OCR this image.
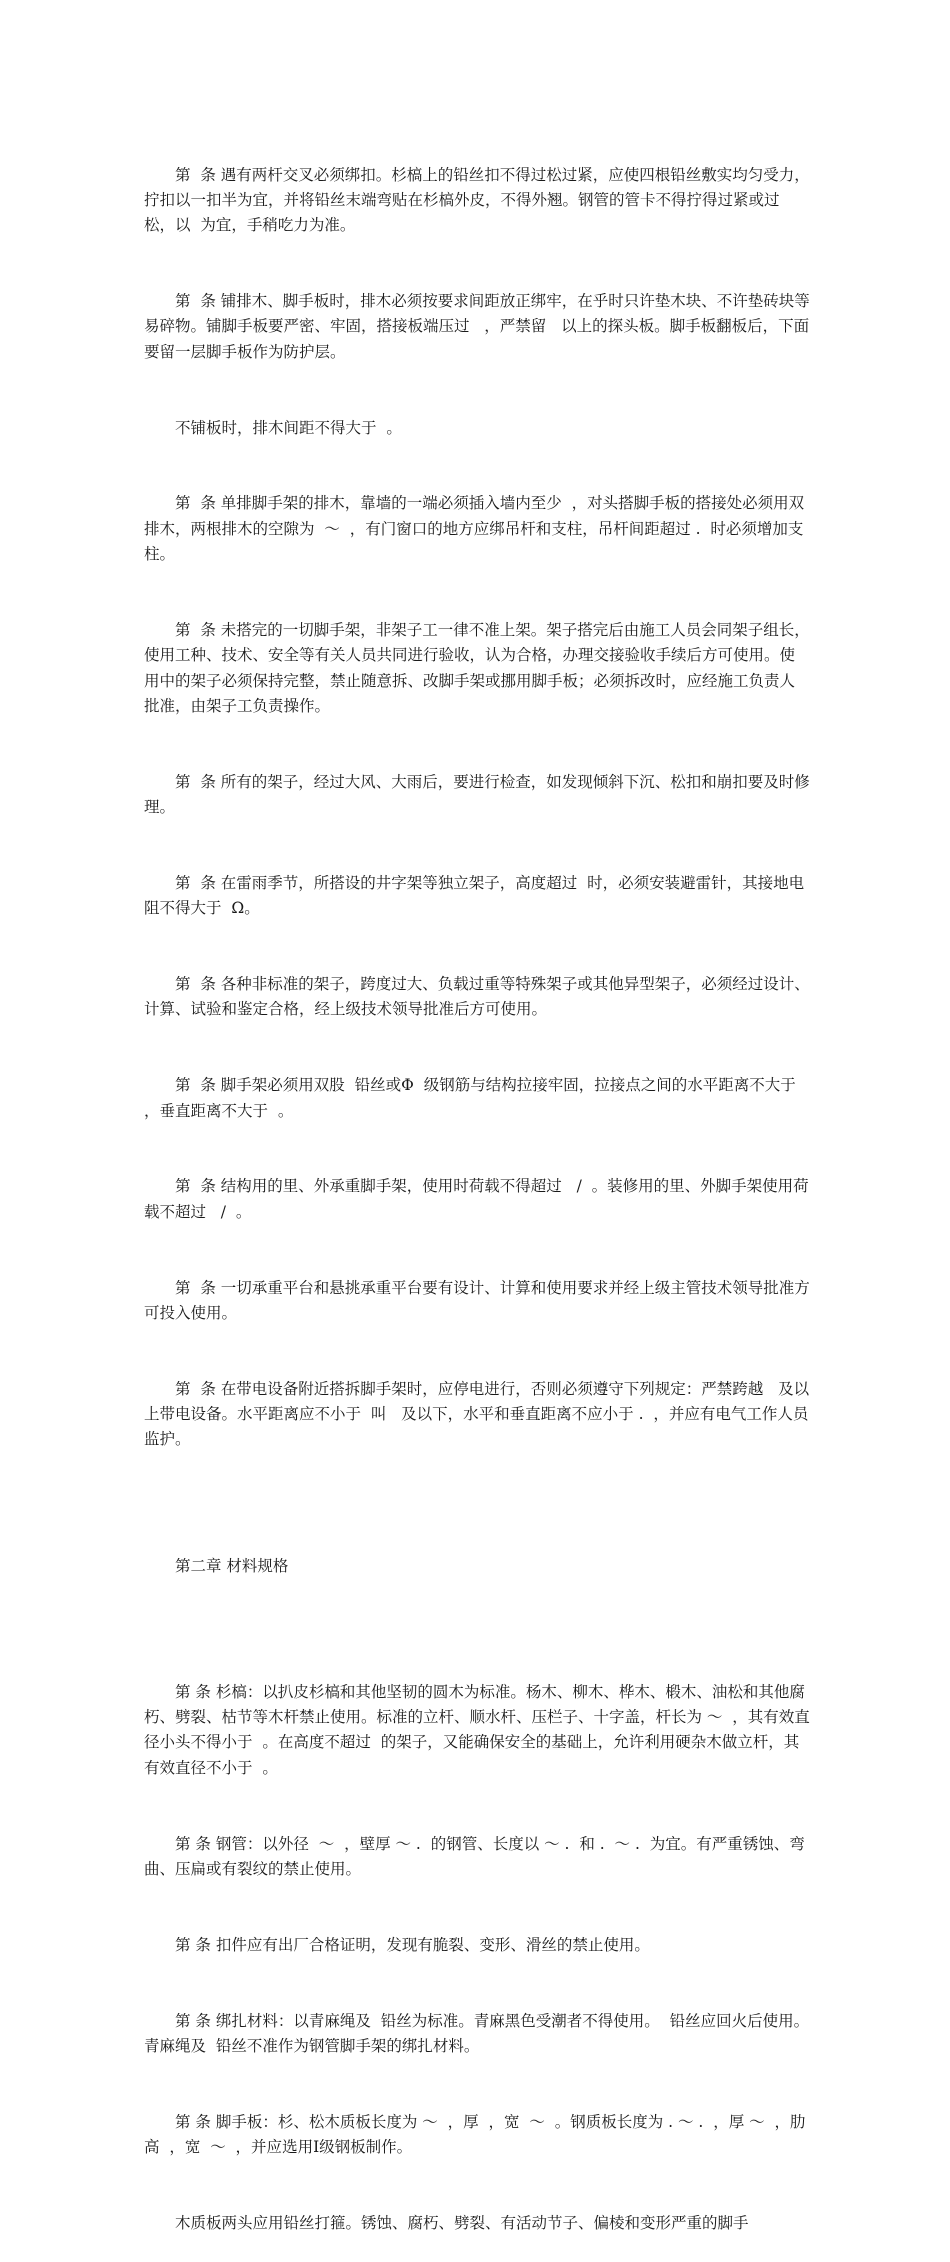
第  条 遇有两杆交叉必须绑扣。杉槁上的铅丝扣不得过松过紧，应使四根铅丝敷实均匀受力，拧扣以一扣半为宜，并将铅丝末端弯贴在杉槁外皮，不得外翘。钢管的管卡不得拧得过紧或过松，以  为宜，手稍吃力为准。

第  条 铺排木、脚手板时，排木必须按要求间距放正绑牢，在乎时只许垫木块、不许垫砖块等易碎物。铺脚手板要严密、牢固，搭接板端压过   ，严禁留   以上的探头板。脚手板翻板后，下面要留一层脚手板作为防护层。

不铺板时，排木间距不得大于  。

第  条 单排脚手架的排木，靠墙的一端必须插入墙内至少  ，对头搭脚手板的搭接处必须用双排木，两根排木的空隙为  ～  ，有门窗口的地方应绑吊杆和支柱，吊杆间距超过 .  时必须增加支柱。

第  条 未搭完的一切脚手架，非架子工一律不准上架。架子搭完后由施工人员会同架子组长，使用工种、技术、安全等有关人员共同进行验收，认为合格，办理交接验收手续后方可使用。使用中的架子必须保持完整，禁止随意拆、改脚手架或挪用脚手板；必须拆改时，应经施工负责人批准，由架子工负责操作。

第  条 所有的架子，经过大风、大雨后，要进行检查，如发现倾斜下沉、松扣和崩扣要及时修理。

第  条 在雷雨季节，所搭设的井字架等独立架子，高度超过  时，必须安装避雷针，其接地电阻不得大于  Ω。

第  条 各种非标准的架子，跨度过大、负载过重等特殊架子或其他异型架子，必须经过设计、计算、试验和鉴定合格，经上级技术领导批准后方可使用。

第  条 脚手架必须用双股  铅丝或Φ  级钢筋与结构拉接牢固，拉接点之间的水平距离不大于  ，垂直距离不大于  。

第  条 结构用的里、外承重脚手架，使用时荷载不得超过   /  。装修用的里、外脚手架使用荷载不超过   /  。

第  条 一切承重平台和悬挑承重平台要有设计、计算和使用要求并经上级主管技术领导批准方可投入使用。

第  条 在带电设备附近搭拆脚手架时，应停电进行，否则必须遵守下列规定：严禁跨越   及以上带电设备。水平距离应不小于  叫   及以下，水平和垂直距离不应小于 .  ，并应有电气工作人员监护。

第二章 材料规格

第 条 杉槁：以扒皮杉槁和其他坚韧的圆木为标准。杨木、柳木、桦木、椴木、油松和其他腐朽、劈裂、枯节等木杆禁止使用。标准的立杆、顺水杆、压栏子、十字盖，杆长为 ～  ，其有效直径小头不得小于  。在高度不超过  的架子，又能确保安全的基础上，允许利用硬杂木做立杆，其有效直径不小于  。

第 条 钢管：以外径  ～  ，壁厚 ～ .  的钢管、长度以 ～ .  和 .  ～ .  为宜。有严重锈蚀、弯曲、压扁或有裂纹的禁止使用。

第 条 扣件应有出厂合格证明，发现有脆裂、变形、滑丝的禁止使用。

第 条 绑扎材料：以青麻绳及  铅丝为标准。青麻黑色受潮者不得使用。  铅丝应回火后使用。青麻绳及  铅丝不准作为钢管脚手架的绑扎材料。

第 条 脚手板：杉、松木质板长度为 ～  ，厚  ，宽  ～  。钢质板长度为 . ～ .  ，厚 ～  ，肋高  ，宽  ～  ，并应选用Ⅰ级钢板制作。

木质板两头应用铅丝打箍。锈蚀、腐朽、劈裂、有活动节子、偏棱和变形严重的脚手
